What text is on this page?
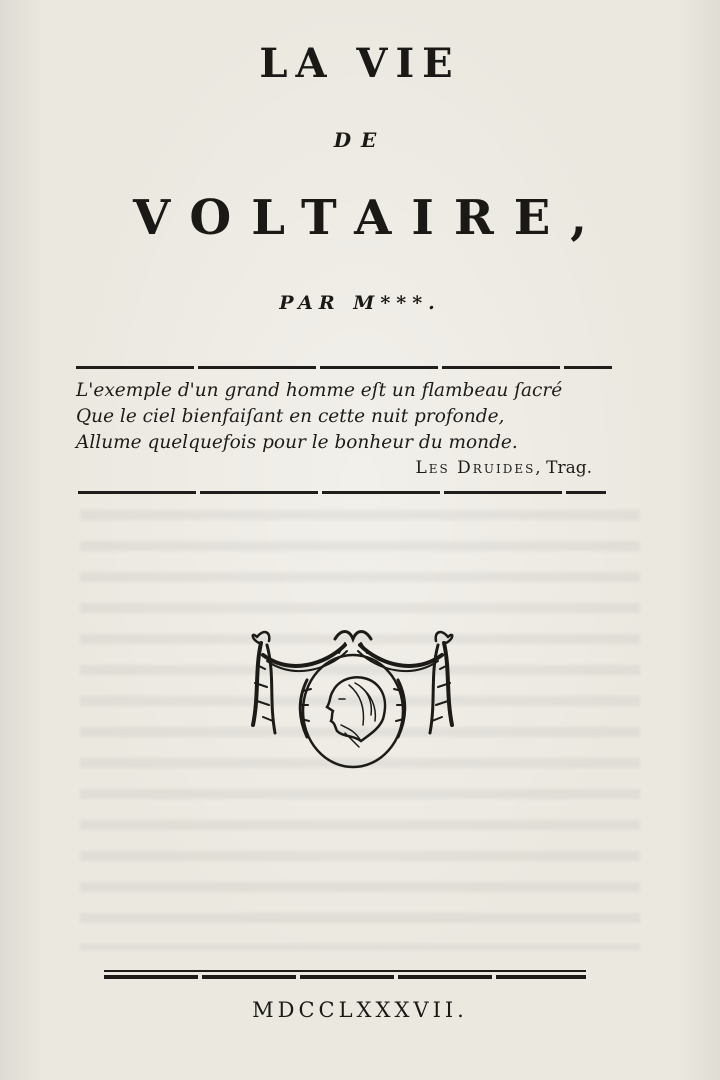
LA VIE
DE
VOLTAIRE,
PAR M***.
L'exemple d'un grand homme eſt un flambeau ſacré
Que le ciel bienfaiſant en cette nuit profonde,
Allume quelquefois pour le bonheur du monde.
Les Druides, Trag.
MDCCLXXXVII.
